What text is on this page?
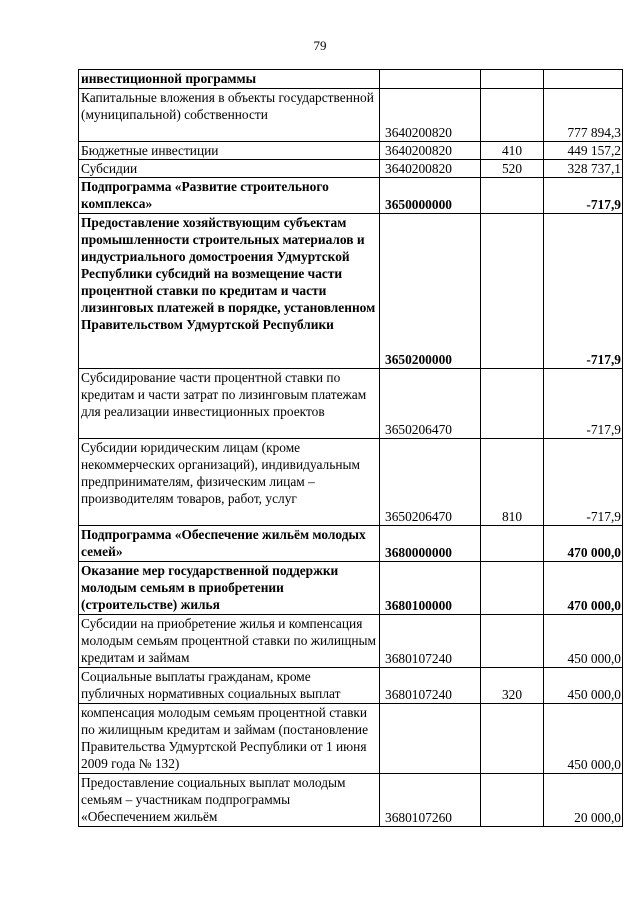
79
инвестиционной программы			
Капитальные вложения в объекты государственной (муниципальной) собственности	3640200820		777 894,3
Бюджетные инвестиции	3640200820	410	449 157,2
Субсидии	3640200820	520	328 737,1
Подпрограмма «Развитие строительного комплекса»	3650000000		-717,9
Предоставление хозяйствующим субъектам промышленности строительных материалов и индустриального домостроения Удмуртской Республики субсидий на возмещение части процентной ставки по кредитам и части лизинговых платежей в порядке, установленном Правительством Удмуртской Республики	3650200000		-717,9
Субсидирование части процентной ставки по кредитам и части затрат по лизинговым платежам для реализации инвестиционных проектов	3650206470		-717,9
Субсидии юридическим лицам (кроме некоммерческих организаций), индивидуальным предпринимателям, физическим лицам – производителям товаров, работ, услуг	3650206470	810	-717,9
Подпрограмма «Обеспечение жильём молодых семей»	3680000000		470 000,0
Оказание мер государственной поддержки молодым семьям в приобретении (строительстве) жилья	3680100000		470 000,0
Субсидии на приобретение жилья и компенсация молодым семьям процентной ставки по жилищным кредитам и займам	3680107240		450 000,0
Социальные выплаты гражданам, кроме публичных нормативных социальных выплат	3680107240	320	450 000,0
компенсация молодым семьям процентной ставки по жилищным кредитам и займам (постановление Правительства Удмуртской Республики от 1 июня 2009 года № 132)			450 000,0
Предоставление социальных выплат молодым семьям – участникам подпрограммы «Обеспечением жильём	3680107260		20 000,0
